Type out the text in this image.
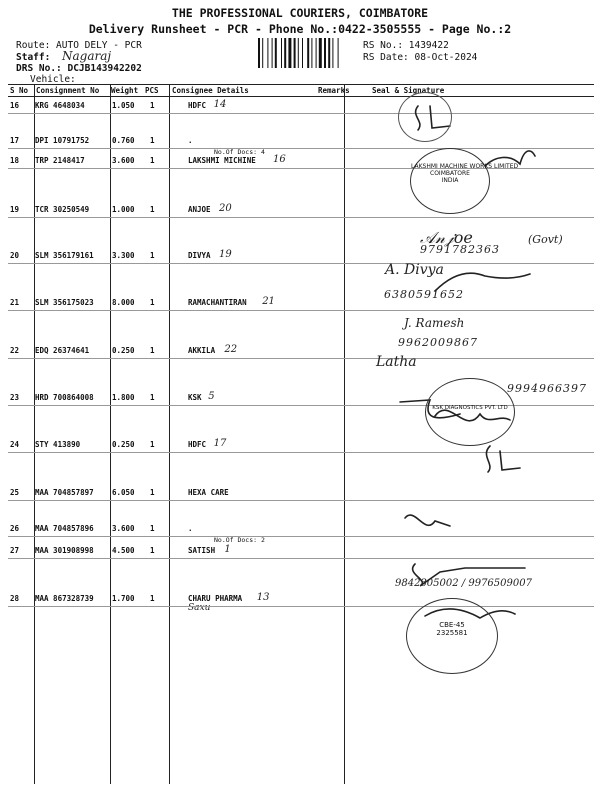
THE PROFESSIONAL COURIERS, COIMBATORE
Delivery Runsheet - PCR - Phone No.:0422-3505555 - Page No.:2
Route: AUTO DELY - PCR
Staff: Nagaraj
DRS No.: DCJB143942202
Vehicle:
RS No.: 1439422
RS Date: 08-Oct-2024
S No Consignment No Weight PCS Consignee Details	Remarks	Seal & Signature
16 KRG 4648034	1.050 1	HDFC 14
17 DPI 10791752	0.760 1	.
No.Of Docs: 4
18 TRP 2148417	3.600 1	LAKSHMI MICHINE 16
19 TCR 30250549	1.000 1	ANJOE 20
20 SLM 356179161 3.300 1	DIVYA 19
21 SLM 356175023 8.000 1	RAMACHANTIRAN 21
22 EDQ 26374641	0.250 1	AKKILA 22
23 HRD 700864008 1.800 1	KSK 5
24 STY 413890	0.250 1	HDFC 17
25 MAA 704857897 6.050 1	HEXA CARE
26 MAA 704857896 3.600 1	.
No.Of Docs: 2
27 MAA 301908998 4.500 1	SATISH 1
28 MAA 867328739 1.700 1	CHARU PHARMA 13
Saxu
𝒜𝓃𝒿𝑜𝑒	(Govt)
9791782363
A. Divya
6380591652
J. Ramesh
9962009867
Latha
9994966397
9842305002 / 9976509007
LAKSHMI MACHINE WORKS LIMITED
COIMBATORE
INDIA
KSK DIAGNOSTICS PVT. LTD
CBE-45
2325581
